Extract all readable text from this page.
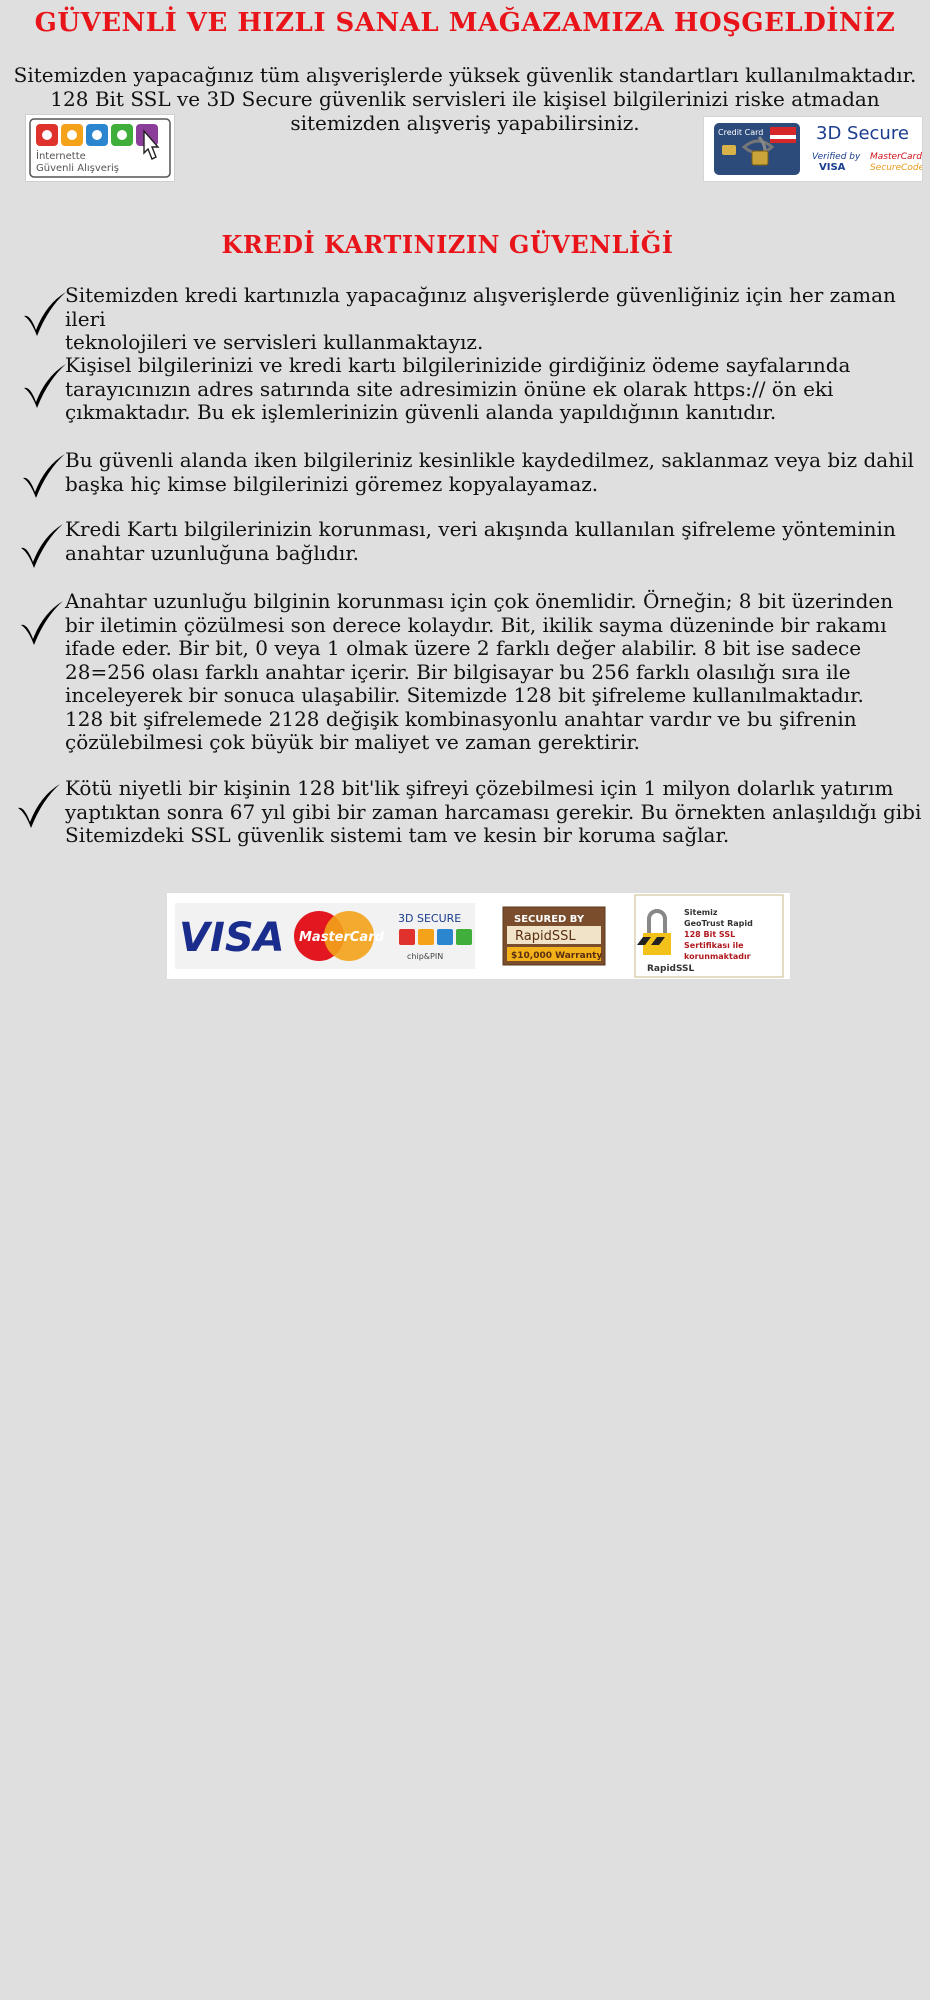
GÜVENLİ VE HIZLI SANAL MAĞAZAMIZA HOŞGELDİNİZ
Sitemizden yapacağınız tüm alışverişlerde yüksek güvenlik standartları kullanılmaktadır.
128 Bit SSL ve 3D Secure güvenlik servisleri ile kişisel bilgilerinizi riske atmadan
sitemizden alışveriş yapabilirsiniz.
İnternette
Güvenli Alışveriş
Credit Card	3D Secure
Verified by
VISA
MasterCard.
SecureCode
KREDİ KARTINIZIN GÜVENLİĞİ
Sitemizden kredi kartınızla yapacağınız alışverişlerde güvenliğiniz için her zaman ileri
teknolojileri ve servisleri kullanmaktayız.
Kişisel bilgilerinizi ve kredi kartı bilgilerinizide girdiğiniz ödeme sayfalarında
tarayıcınızın adres satırında site adresimizin önüne ek olarak https:// ön eki
çıkmaktadır. Bu ek işlemlerinizin güvenli alanda yapıldığının kanıtıdır.
Bu güvenli alanda iken bilgileriniz kesinlikle kaydedilmez, saklanmaz veya biz dahil
başka hiç kimse bilgilerinizi göremez kopyalayamaz.
Kredi Kartı bilgilerinizin korunması, veri akışında kullanılan şifreleme yönteminin
anahtar uzunluğuna bağlıdır.
Anahtar uzunluğu bilginin korunması için çok önemlidir. Örneğin; 8 bit üzerinden
bir iletimin çözülmesi son derece kolaydır. Bit, ikilik sayma düzeninde bir rakamı
ifade eder. Bir bit, 0 veya 1 olmak üzere 2 farklı değer alabilir. 8 bit ise sadece
28=256 olası farklı anahtar içerir. Bir bilgisayar bu 256 farklı olasılığı sıra ile
inceleyerek bir sonuca ulaşabilir. Sitemizde 128 bit şifreleme kullanılmaktadır.
128 bit şifrelemede 2128 değişik kombinasyonlu anahtar vardır ve bu şifrenin
çözülebilmesi çok büyük bir maliyet ve zaman gerektirir.
Kötü niyetli bir kişinin 128 bit'lik şifreyi çözebilmesi için 1 milyon dolarlık yatırım
yaptıktan sonra 67 yıl gibi bir zaman harcaması gerekir. Bu örnekten anlaşıldığı gibi
Sitemizdeki SSL güvenlik sistemi tam ve kesin bir koruma sağlar.
VISA MasterCard
3D SECURE
chip&PIN
SECURED BY
RapidSSL
$10,000 Warranty
Sitemiz
GeoTrust Rapid
128 Bit SSL
Sertifikası ile
korunmaktadır
RapidSSL
